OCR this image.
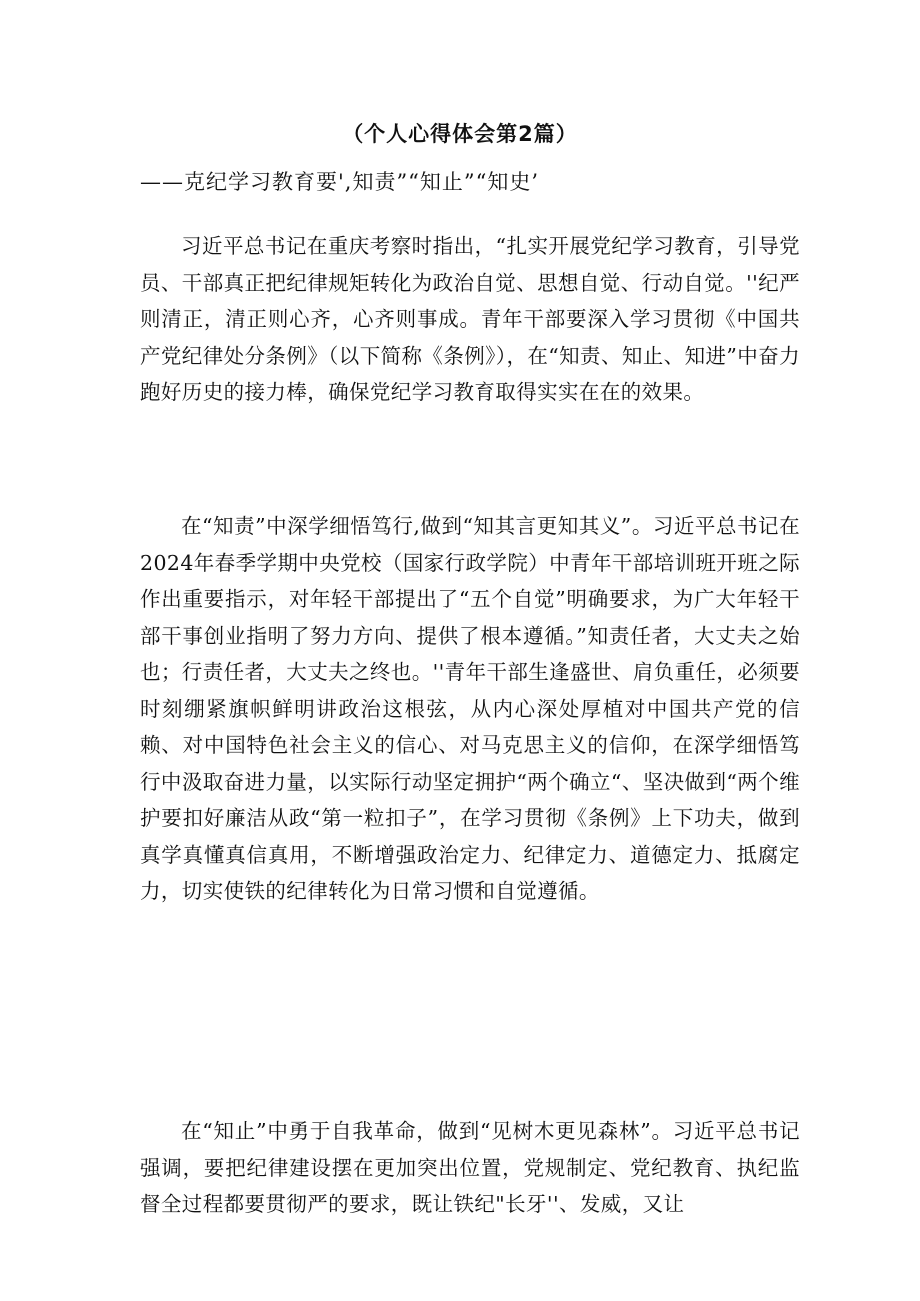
（个人心得体会第2篇）
——克纪学习教育要',知责”“知止”“知史’

习近平总书记在重庆考察时指出，“扎实开展党纪学习教育，引导党员、干部真正把纪律规矩转化为政治自觉、思想自觉、行动自觉。''纪严则清正，清正则心齐，心齐则事成。青年干部要深入学习贯彻《中国共产党纪律处分条例》（以下简称《条例》），在“知责、知止、知进”中奋力跑好历史的接力棒，确保党纪学习教育取得实实在在的效果。

在“知责”中深学细悟笃行,做到“知其言更知其义”。习近平总书记在2024年春季学期中央党校（国家行政学院）中青年干部培训班开班之际作出重要指示，对年轻干部提出了“五个自觉”明确要求，为广大年轻干部干事创业指明了努力方向、提供了根本遵循。”知责任者，大丈夫之始也；行责任者，大丈夫之终也。''青年干部生逢盛世、肩负重任，必须要时刻绷紧旗帜鲜明讲政治这根弦，从内心深处厚植对中国共产党的信赖、对中国特色社会主义的信心、对马克思主义的信仰，在深学细悟笃行中汲取奋进力量，以实际行动坚定拥护“两个确立“、坚决做到“两个维护要扣好廉洁从政“第一粒扣子”，在学习贯彻《条例》上下功夫，做到真学真懂真信真用，不断增强政治定力、纪律定力、道德定力、抵腐定力，切实使铁的纪律转化为日常习惯和自觉遵循。

在“知止”中勇于自我革命，做到“见树木更见森林”。习近平总书记强调，要把纪律建设摆在更加突出位置，党规制定、党纪教育、执纪监督全过程都要贯彻严的要求，既让铁纪"长牙''、发威，又让
